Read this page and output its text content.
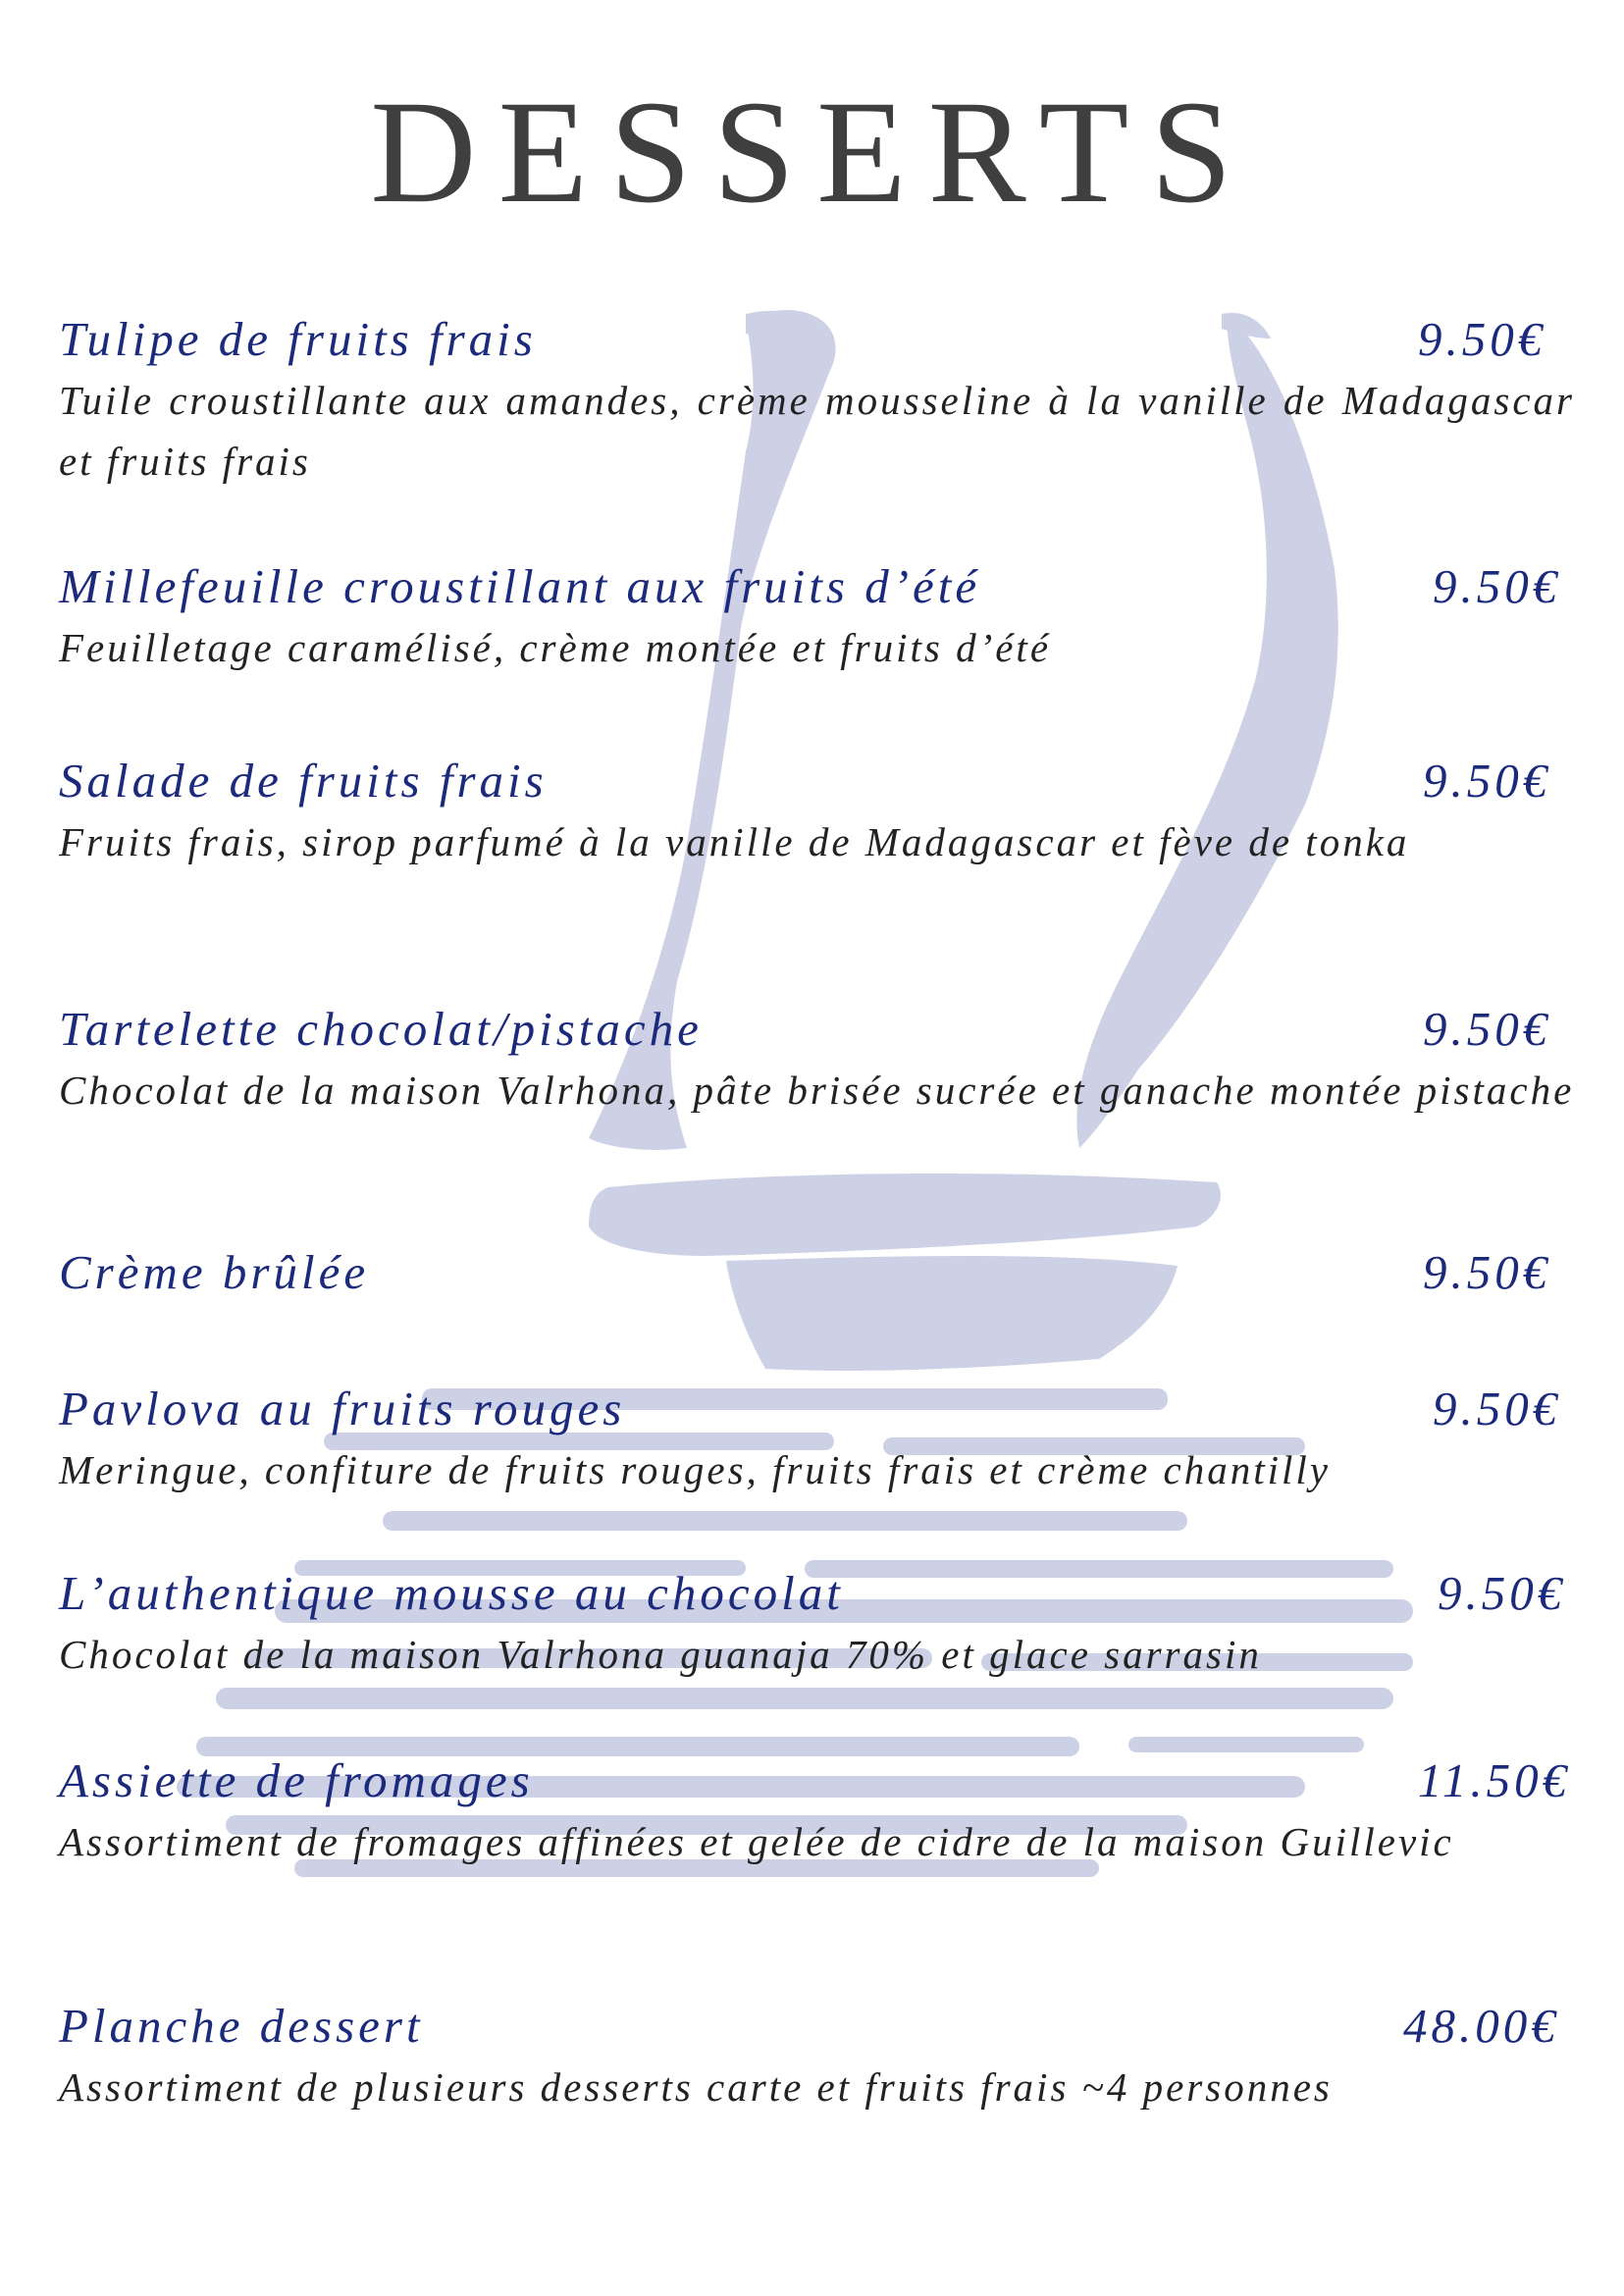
DESSERTS
Tulipe de fruits frais	9.50€
Tuile croustillante aux amandes, crème mousseline à la vanille de Madagascar et fruits frais
Millefeuille croustillant aux fruits d’été	9.50€
Feuilletage caramélisé, crème montée et fruits d’été
Salade de fruits frais	9.50€
Fruits frais, sirop parfumé à la vanille de Madagascar et fève de tonka
Tartelette chocolat/pistache	9.50€
Chocolat de la maison Valrhona, pâte brisée sucrée et ganache montée pistache
Crème brûlée	9.50€
Pavlova au fruits rouges	9.50€
Meringue, confiture de fruits rouges, fruits frais et crème chantilly
L’authentique mousse au chocolat	9.50€
Chocolat de la maison Valrhona guanaja 70% et glace sarrasin
Assiette de fromages	11.50€
Assortiment de fromages affinées et gelée de cidre de la maison Guillevic
Planche dessert	48.00€
Assortiment de plusieurs desserts carte et fruits frais ~4 personnes
